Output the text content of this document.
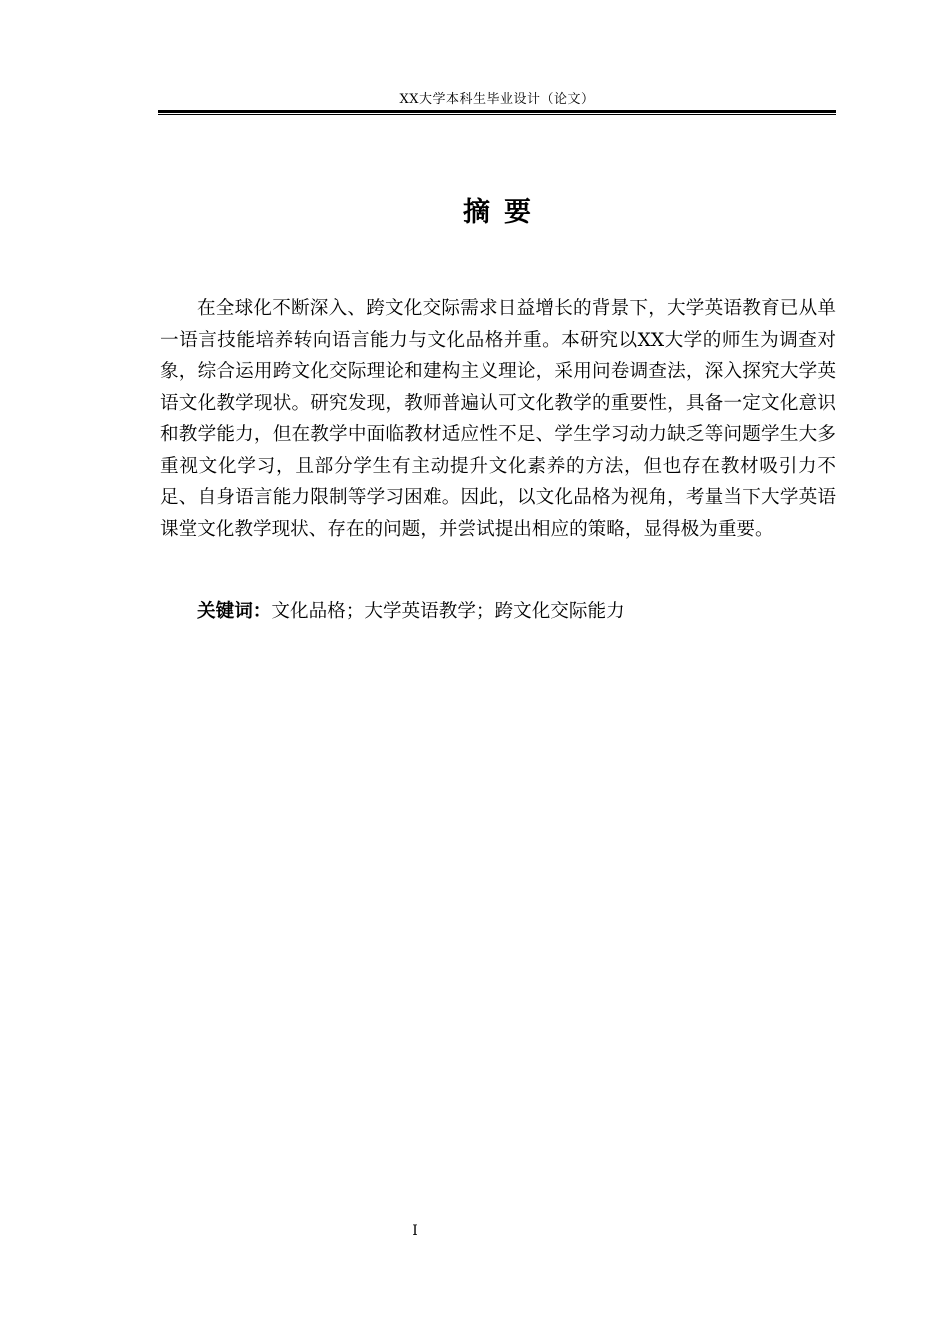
XX大学本科生毕业设计（论文）
摘要

在全球化不断深入、跨文化交际需求日益增长的背景下，大学英语教育已从单一语言技能培养转向语言能力与文化品格并重。本研究以XX大学的师生为调查对象，综合运用跨文化交际理论和建构主义理论，采用问卷调查法，深入探究大学英语文化教学现状。研究发现，教师普遍认可文化教学的重要性，具备一定文化意识和教学能力，但在教学中面临教材适应性不足、学生学习动力缺乏等问题学生大多重视文化学习，且部分学生有主动提升文化素养的方法，但也存在教材吸引力不足、自身语言能力限制等学习困难。因此，以文化品格为视角，考量当下大学英语课堂文化教学现状、存在的问题，并尝试提出相应的策略，显得极为重要。

关键词：文化品格；大学英语教学；跨文化交际能力
I
